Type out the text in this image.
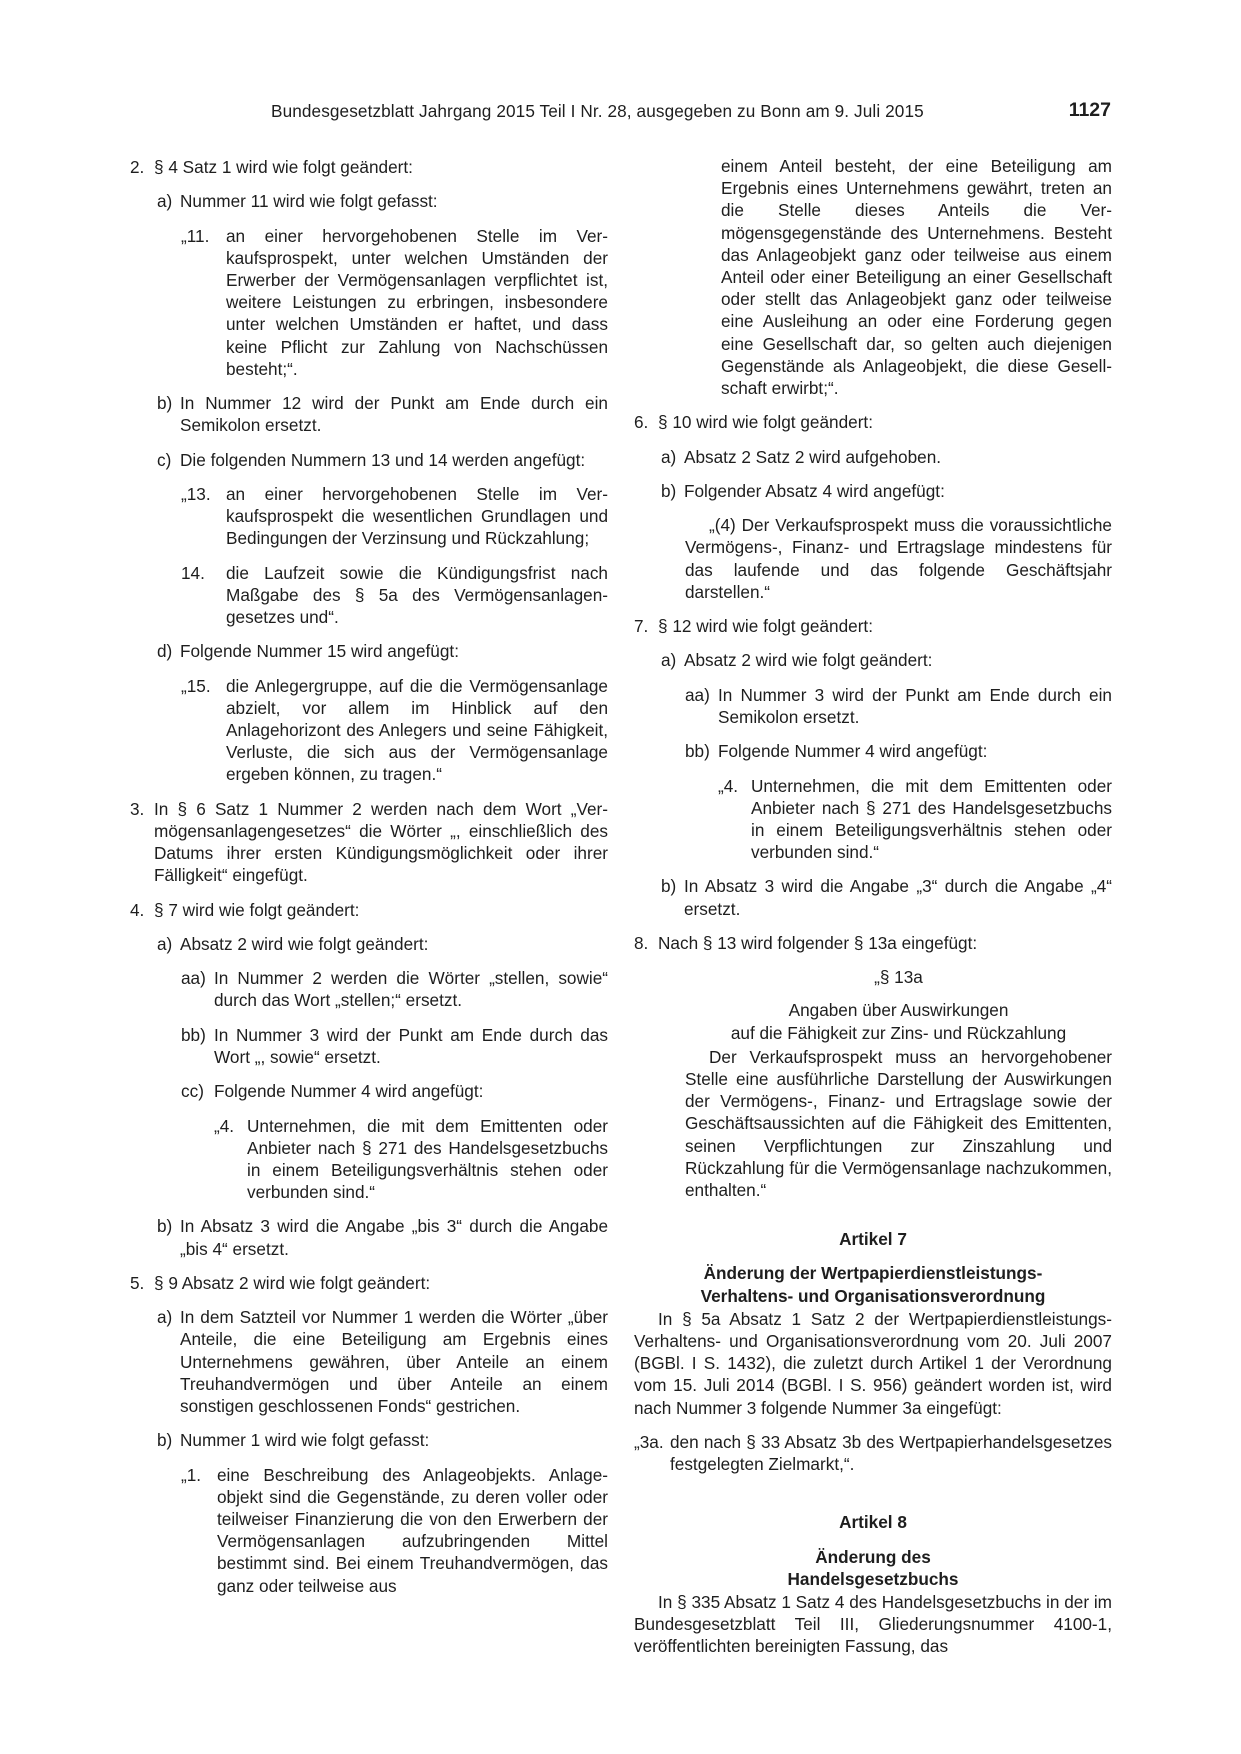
Bundesgesetzblatt Jahrgang 2015 Teil I Nr. 28, ausgegeben zu Bonn am 9. Juli 2015	1127
2. § 4 Satz 1 wird wie folgt geändert:
a) Nummer 11 wird wie folgt gefasst:
„11. an einer hervorgehobenen Stelle im Verkaufsprospekt, unter welchen Umständen der Erwerber der Vermögensanlagen verpflichtet ist, weitere Leistungen zu erbringen, insbesondere unter welchen Umständen er haftet, und dass keine Pflicht zur Zahlung von Nachschüssen besteht;“.
b) In Nummer 12 wird der Punkt am Ende durch ein Semikolon ersetzt.
c) Die folgenden Nummern 13 und 14 werden angefügt:
„13. an einer hervorgehobenen Stelle im Verkaufsprospekt die wesentlichen Grundlagen und Bedingungen der Verzinsung und Rückzahlung;
14.	die Laufzeit sowie die Kündigungsfrist nach Maßgabe des § 5a des Vermögensanlagengesetzes und“.
d) Folgende Nummer 15 wird angefügt:
„15. die Anlegergruppe, auf die die Vermögensanlage abzielt, vor allem im Hinblick auf den Anlagehorizont des Anlegers und seine Fähigkeit, Verluste, die sich aus der Vermögensanlage ergeben können, zu tragen.“
3. In § 6 Satz 1 Nummer 2 werden nach dem Wort „Vermögensanlagengesetzes“ die Wörter „, einschließlich des Datums ihrer ersten Kündigungsmöglichkeit oder ihrer Fälligkeit“ eingefügt.
4. § 7 wird wie folgt geändert:
a) Absatz 2 wird wie folgt geändert:
aa) In Nummer 2 werden die Wörter „stellen, sowie“ durch das Wort „stellen;“ ersetzt.
bb) In Nummer 3 wird der Punkt am Ende durch das Wort „, sowie“ ersetzt.
cc) Folgende Nummer 4 wird angefügt:
„4. Unternehmen, die mit dem Emittenten oder Anbieter nach § 271 des Handelsgesetzbuchs in einem Beteiligungsverhältnis stehen oder verbunden sind.“
b) In Absatz 3 wird die Angabe „bis 3“ durch die Angabe „bis 4“ ersetzt.
5. § 9 Absatz 2 wird wie folgt geändert:
a) In dem Satzteil vor Nummer 1 werden die Wörter „über Anteile, die eine Beteiligung am Ergebnis eines Unternehmens gewähren, über Anteile an einem Treuhandvermögen und über Anteile an einem sonstigen geschlossenen Fonds“ gestrichen.
b) Nummer 1 wird wie folgt gefasst:
„1. eine Beschreibung des Anlageobjekts. Anlageobjekt sind die Gegenstände, zu deren voller oder teilweiser Finanzierung die von den Erwerbern der Vermögensanlagen aufzubringenden Mittel bestimmt sind. Bei einem Treuhandvermögen, das ganz oder teilweise aus
einem Anteil besteht, der eine Beteiligung am Ergebnis eines Unternehmens gewährt, treten an die Stelle dieses Anteils die Vermögensgegenstände des Unternehmens. Besteht das Anlageobjekt ganz oder teilweise aus einem Anteil oder einer Beteiligung an einer Gesellschaft oder stellt das Anlageobjekt ganz oder teilweise eine Ausleihung an oder eine Forderung gegen eine Gesellschaft dar, so gelten auch diejenigen Gegenstände als Anlageobjekt, die diese Gesellschaft erwirbt;“.
6. § 10 wird wie folgt geändert:
a) Absatz 2 Satz 2 wird aufgehoben.
b) Folgender Absatz 4 wird angefügt:
„(4) Der Verkaufsprospekt muss die voraussichtliche Vermögens-, Finanz- und Ertragslage mindestens für das laufende und das folgende Geschäftsjahr darstellen.“
7. § 12 wird wie folgt geändert:
a) Absatz 2 wird wie folgt geändert:
aa) In Nummer 3 wird der Punkt am Ende durch ein Semikolon ersetzt.
bb) Folgende Nummer 4 wird angefügt:
„4. Unternehmen, die mit dem Emittenten oder Anbieter nach § 271 des Handelsgesetzbuchs in einem Beteiligungsverhältnis stehen oder verbunden sind.“
b) In Absatz 3 wird die Angabe „3“ durch die Angabe „4“ ersetzt.
8. Nach § 13 wird folgender § 13a eingefügt:
„§ 13a
Angaben über Auswirkungen
auf die Fähigkeit zur Zins- und Rückzahlung
Der Verkaufsprospekt muss an hervorgehobener Stelle eine ausführliche Darstellung der Auswirkungen der Vermögens-, Finanz- und Ertragslage sowie der Geschäftsaussichten auf die Fähigkeit des Emittenten, seinen Verpflichtungen zur Zinszahlung und Rückzahlung für die Vermögensanlage nachzukommen, enthalten.“
Artikel 7
Änderung der Wertpapierdienstleistungs-
Verhaltens- und Organisationsverordnung
In § 5a Absatz 1 Satz 2 der Wertpapierdienstleistungs-Verhaltens- und Organisationsverordnung vom 20. Juli 2007 (BGBl. I S. 1432), die zuletzt durch Artikel 1 der Verordnung vom 15. Juli 2014 (BGBl. I S. 956) geändert worden ist, wird nach Nummer 3 folgende Nummer 3a eingefügt:
„3a. den nach § 33 Absatz 3b des Wertpapierhandelsgesetzes festgelegten Zielmarkt,“.
Artikel 8
Änderung des
Handelsgesetzbuchs
In § 335 Absatz 1 Satz 4 des Handelsgesetzbuchs in der im Bundesgesetzblatt Teil III, Gliederungsnummer 4100-1, veröffentlichten bereinigten Fassung, das
